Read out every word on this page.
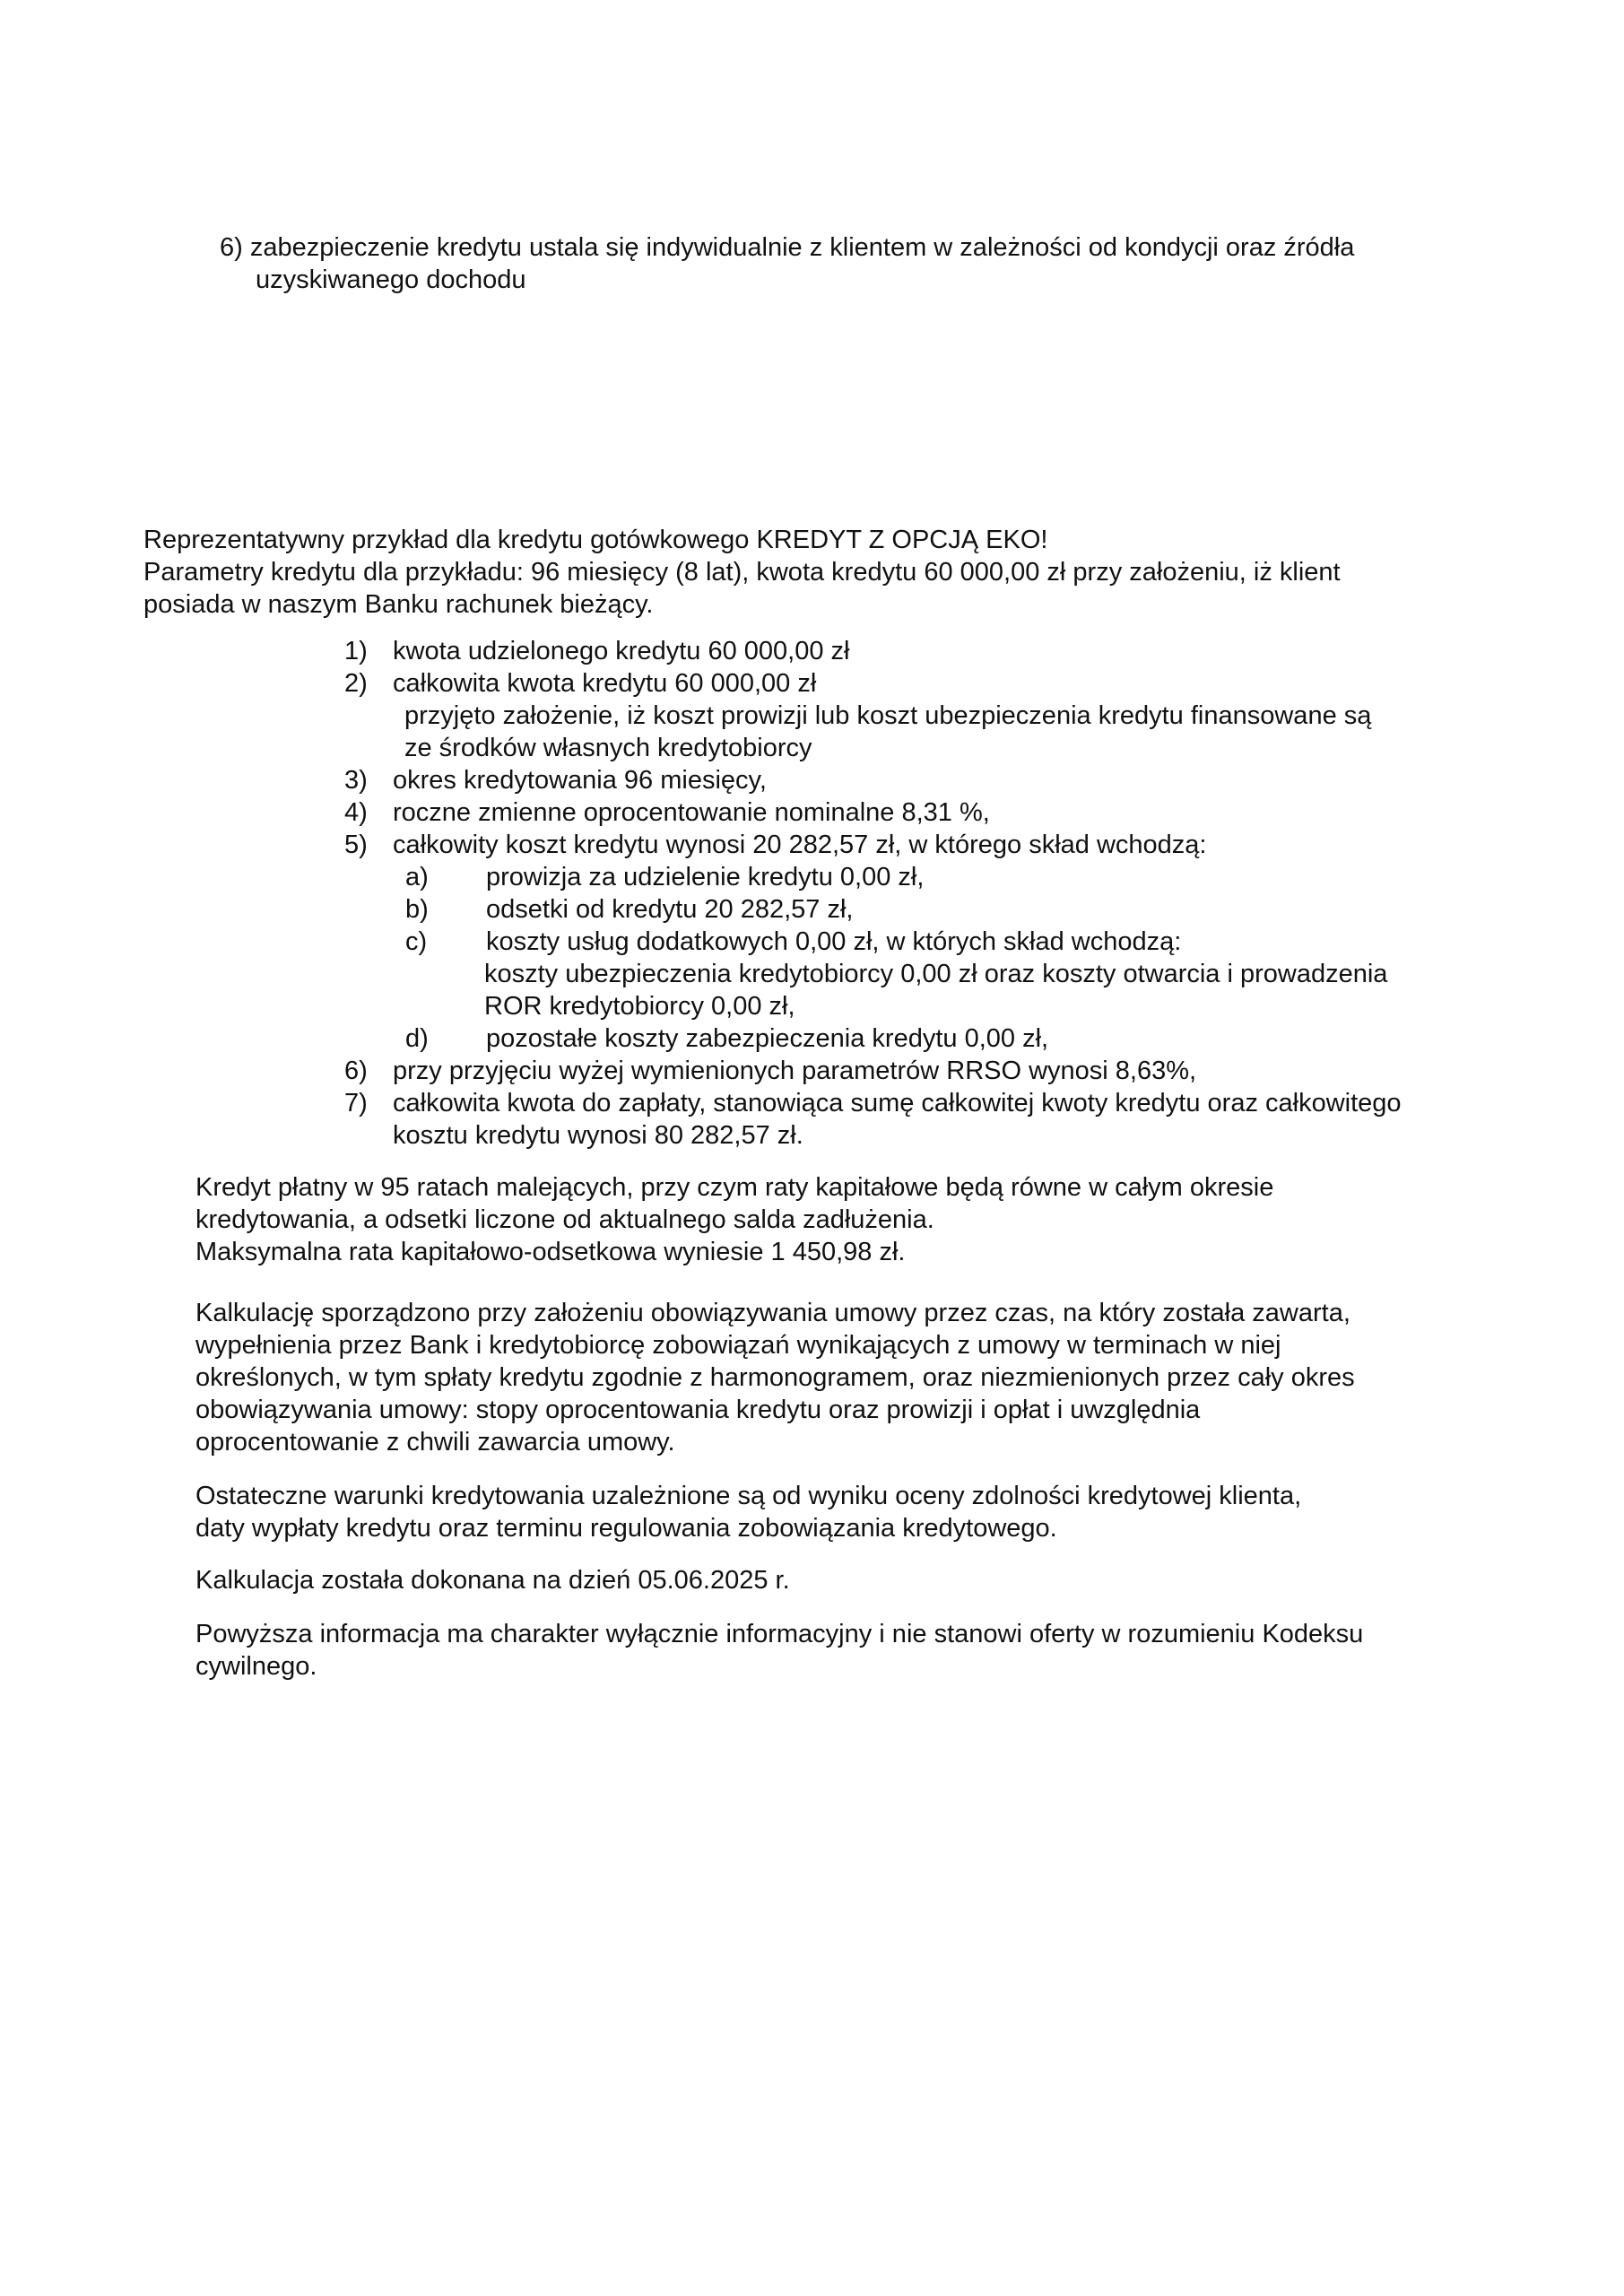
6) zabezpieczenie kredytu ustala się indywidualnie z klientem w zależności od kondycji oraz źródła
uzyskiwanego dochodu
Reprezentatywny przykład dla kredytu gotówkowego KREDYT Z OPCJĄ EKO!
Parametry kredytu dla przykładu: 96 miesięcy (8 lat), kwota kredytu 60 000,00 zł przy założeniu, iż klient
posiada w naszym Banku rachunek bieżący.
1) kwota udzielonego kredytu 60 000,00 zł
2) całkowita kwota kredytu 60 000,00 zł
przyjęto założenie, iż koszt prowizji lub koszt ubezpieczenia kredytu finansowane są
ze środków własnych kredytobiorcy
3) okres kredytowania 96 miesięcy,
4) roczne zmienne oprocentowanie nominalne 8,31 %,
5) całkowity koszt kredytu wynosi 20 282,57 zł, w którego skład wchodzą:
a)	prowizja za udzielenie kredytu 0,00 zł,
b)	odsetki od kredytu 20 282,57 zł,
c)	koszty usług dodatkowych 0,00 zł, w których skład wchodzą:
koszty ubezpieczenia kredytobiorcy 0,00 zł oraz koszty otwarcia i prowadzenia
ROR kredytobiorcy 0,00 zł,
d)	pozostałe koszty zabezpieczenia kredytu 0,00 zł,
6) przy przyjęciu wyżej wymienionych parametrów RRSO wynosi 8,63%,
7) całkowita kwota do zapłaty, stanowiąca sumę całkowitej kwoty kredytu oraz całkowitego
kosztu kredytu wynosi 80 282,57 zł.
Kredyt płatny w 95 ratach malejących, przy czym raty kapitałowe będą równe w całym okresie
kredytowania, a odsetki liczone od aktualnego salda zadłużenia.
Maksymalna rata kapitałowo-odsetkowa wyniesie 1 450,98 zł.
Kalkulację sporządzono przy założeniu obowiązywania umowy przez czas, na który została zawarta,
wypełnienia przez Bank i kredytobiorcę zobowiązań wynikających z umowy w terminach w niej
określonych, w tym spłaty kredytu zgodnie z harmonogramem, oraz niezmienionych przez cały okres
obowiązywania umowy: stopy oprocentowania kredytu oraz prowizji i opłat i uwzględnia
oprocentowanie z chwili zawarcia umowy.
Ostateczne warunki kredytowania uzależnione są od wyniku oceny zdolności kredytowej klienta,
daty wypłaty kredytu oraz terminu regulowania zobowiązania kredytowego.
Kalkulacja została dokonana na dzień 05.06.2025 r.
Powyższa informacja ma charakter wyłącznie informacyjny i nie stanowi oferty w rozumieniu Kodeksu
cywilnego.
